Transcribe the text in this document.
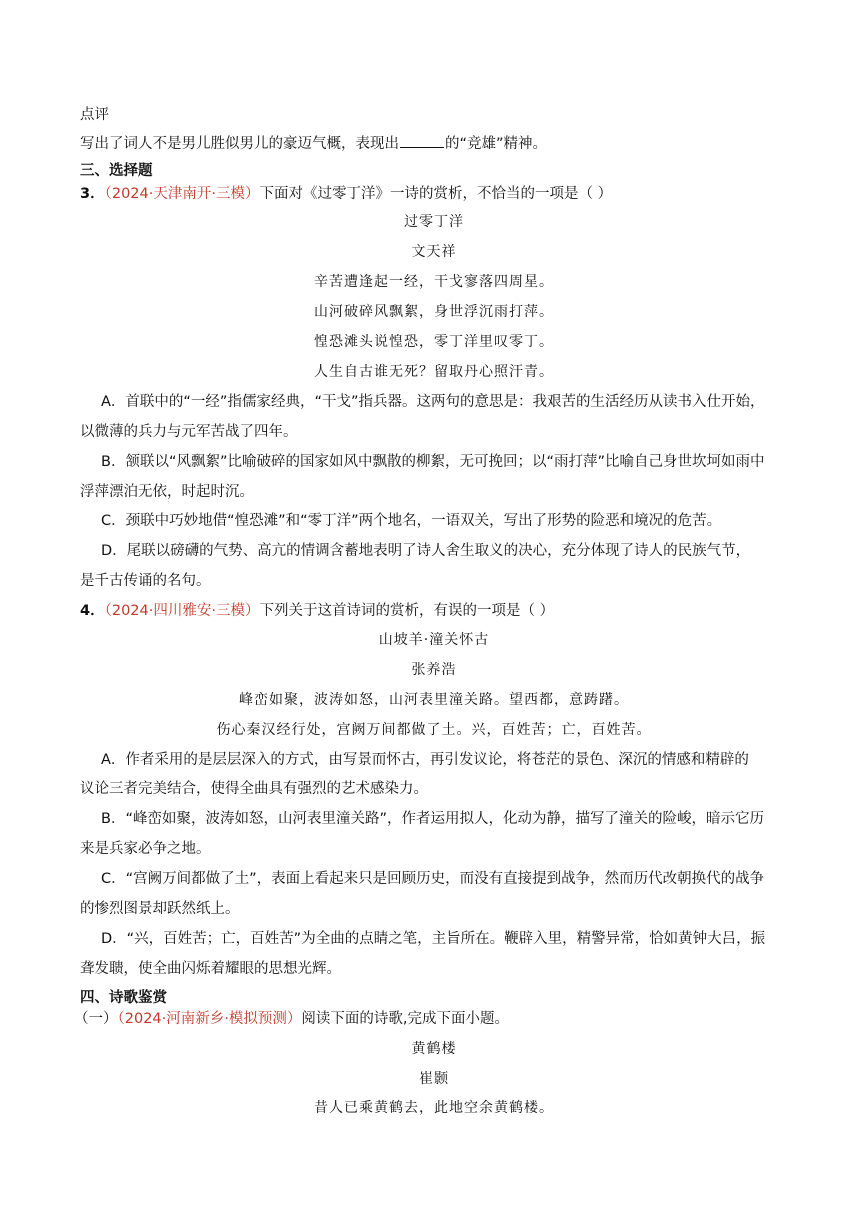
点评
写出了词人不是男儿胜似男儿的豪迈气概，表现出	的“竞雄”精神。
三、选择题
3．（2024·天津南开·三模）下面对《过零丁洋》一诗的赏析，不恰当的一项是（ ）
过零丁洋
文天祥
辛苦遭逢起一经，干戈寥落四周星。
山河破碎风飘絮，身世浮沉雨打萍。
惶恐滩头说惶恐，零丁洋里叹零丁。
人生自古谁无死？留取丹心照汗青。
A．首联中的“一经”指儒家经典，“干戈”指兵器。这两句的意思是：我艰苦的生活经历从读书入仕开始，
以微薄的兵力与元军苦战了四年。
B．颔联以“风飘絮”比喻破碎的国家如风中飘散的柳絮，无可挽回；以“雨打萍”比喻自己身世坎坷如雨中
浮萍漂泊无依，时起时沉。
C．颈联中巧妙地借“惶恐滩”和“零丁洋”两个地名，一语双关，写出了形势的险恶和境况的危苦。
D．尾联以磅礴的气势、高亢的情调含蓄地表明了诗人舍生取义的决心，充分体现了诗人的民族气节，
是千古传诵的名句。
4．（2024·四川雅安·三模）下列关于这首诗词的赏析，有误的一项是（ ）
山坡羊·潼关怀古
张养浩
峰峦如聚，波涛如怒，山河表里潼关路。望西都，意踌躇。
伤心秦汉经行处，宫阙万间都做了土。兴，百姓苦；亡，百姓苦。
A．作者采用的是层层深入的方式，由写景而怀古，再引发议论，将苍茫的景色、深沉的情感和精辟的
议论三者完美结合，使得全曲具有强烈的艺术感染力。
B．“峰峦如聚，波涛如怒，山河表里潼关路”，作者运用拟人，化动为静，描写了潼关的险峻，暗示它历
来是兵家必争之地。
C．“宫阙万间都做了土”，表面上看起来只是回顾历史，而没有直接提到战争，然而历代改朝换代的战争
的惨烈图景却跃然纸上。
D．“兴，百姓苦；亡，百姓苦”为全曲的点睛之笔，主旨所在。鞭辟入里，精警异常，恰如黄钟大吕，振
聋发聩，使全曲闪烁着耀眼的思想光辉。
四、诗歌鉴赏
（一）（2024·河南新乡·模拟预测）阅读下面的诗歌,完成下面小题。
黄鹤楼
崔颢
昔人已乘黄鹤去，此地空余黄鹤楼。
